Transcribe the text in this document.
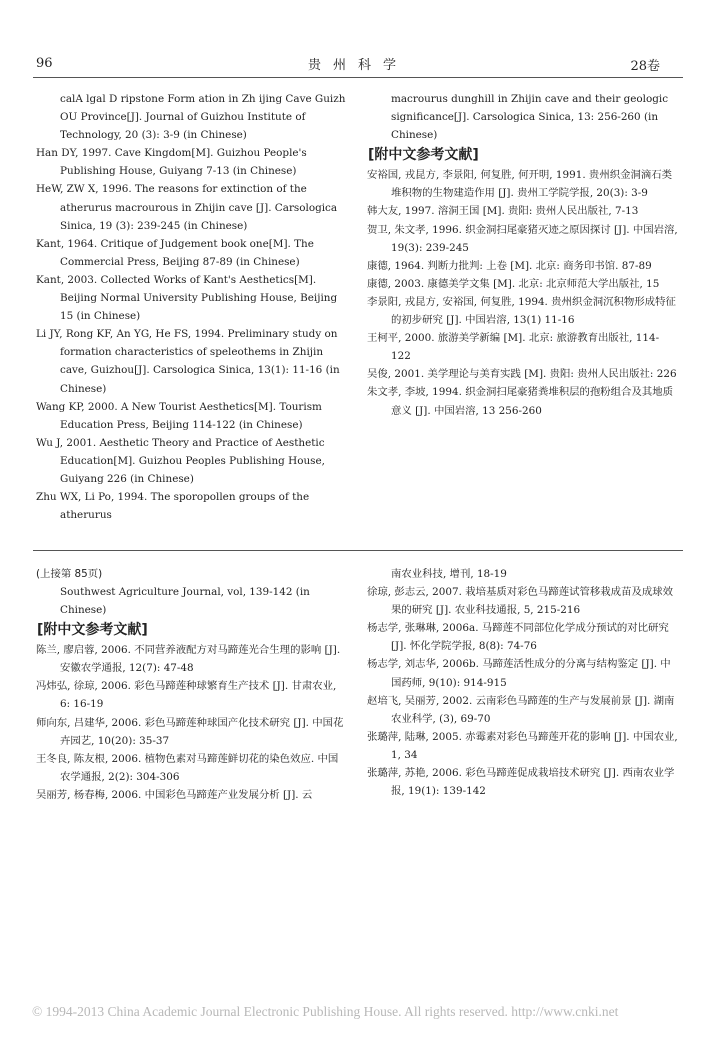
96	贵州科学	28卷
calA lgal D ripstone Form ation in Zh ijing Cave Guizh OU Province[J]. Journal of Guizhou Institute of Technology, 20 (3): 3-9 (in Chinese)
Han DY, 1997. Cave Kingdom[M]. Guizhou People's Publishing House, Guiyang 7-13 (in Chinese)
HeW, ZW X, 1996. The reasons for extinction of the atherurus macrourous in Zhijin cave [J]. Carsologica Sinica, 19 (3): 239-245 (in Chinese)
Kant, 1964. Critique of Judgement book one[M]. The Commercial Press, Beijing 87-89 (in Chinese)
Kant, 2003. Collected Works of Kant's Aesthetics[M]. Beijing Normal University Publishing House, Beijing 15 (in Chinese)
Li JY, Rong KF, An YG, He FS, 1994. Preliminary study on formation characteristics of speleothems in Zhijin cave, Guizhou[J]. Carsologica Sinica, 13(1): 11-16 (in Chinese)
Wang KP, 2000. A New Tourist Aesthetics[M]. Tourism Education Press, Beijing 114-122 (in Chinese)
Wu J, 2001. Aesthetic Theory and Practice of Aesthetic Education[M]. Guizhou Peoples Publishing House, Guiyang 226 (in Chinese)
Zhu WX, Li Po, 1994. The sporopollen groups of the atherurus
macrourus dunghill in Zhijin cave and their geologic significance[J]. Carsologica Sinica, 13: 256-260 (in Chinese)
[附中文参考文献]
安裕国, 戎昆方, 李景阳, 何复胜, 何开明, 1991. 贵州织金洞滴石类堆积物的生物建造作用 [J]. 贵州工学院学报, 20(3): 3-9
韩大友, 1997. 溶洞王国 [M]. 贵阳: 贵州人民出版社, 7-13
贺卫, 朱文孝, 1996. 织金洞扫尾豪猪灭迹之原因探讨 [J]. 中国岩溶, 19(3): 239-245
康德, 1964. 判断力批判: 上卷 [M]. 北京: 商务印书馆. 87-89
康德, 2003. 康德美学文集 [M]. 北京: 北京师范大学出版社, 15
李景阳, 戎昆方, 安裕国, 何复胜, 1994. 贵州织金洞沉积物形成特征的初步研究 [J]. 中国岩溶, 13(1) 11-16
王柯平, 2000. 旅游美学新编 [M]. 北京: 旅游教育出版社, 114-122
吴俊, 2001. 美学理论与美育实践 [M]. 贵阳: 贵州人民出版社: 226
朱文孝, 李坡, 1994. 织金洞扫尾豪猪粪堆积层的孢粉组合及其地质意义 [J]. 中国岩溶, 13 256-260
(上接第 85页)
Southwest Agriculture Journal, vol, 139-142 (in Chinese)
[附中文参考文献]
陈兰, 廖启蓉, 2006. 不同营养液配方对马蹄莲光合生理的影响 [J]. 安徽农学通报, 12(7): 47-48
冯炜弘, 徐琼, 2006. 彩色马蹄莲种球繁育生产技术 [J]. 甘肃农业, 6: 16-19
师向东, 吕建华, 2006. 彩色马蹄莲种球国产化技术研究 [J]. 中国花卉园艺, 10(20): 35-37
王冬良, 陈友根, 2006. 植物色素对马蹄莲鲜切花的染色效应. 中国农学通报, 2(2): 304-306
吴丽芳, 杨春梅, 2006. 中国彩色马蹄莲产业发展分析 [J]. 云
南农业科技, 增刊, 18-19
徐琼, 彭志云, 2007. 栽培基质对彩色马蹄莲试管移栽成苗及成球效果的研究 [J]. 农业科技通报, 5, 215-216
杨志学, 张琳琳, 2006a. 马蹄莲不同部位化学成分预试的对比研究 [J]. 怀化学院学报, 8(8): 74-76
杨志学, 刘志华, 2006b. 马蹄莲活性成分的分离与结构鉴定 [J]. 中国药师, 9(10): 914-915
赵培飞, 吴丽芳, 2002. 云南彩色马蹄莲的生产与发展前景 [J]. 湖南农业科学, (3), 69-70
张璐萍, 陆琳, 2005. 赤霉素对彩色马蹄莲开花的影响 [J]. 中国农业, 1, 34
张璐萍, 苏艳, 2006. 彩色马蹄莲促成栽培技术研究 [J]. 西南农业学报, 19(1): 139-142
© 1994-2013 China Academic Journal Electronic Publishing House. All rights reserved. http://www.cnki.net
